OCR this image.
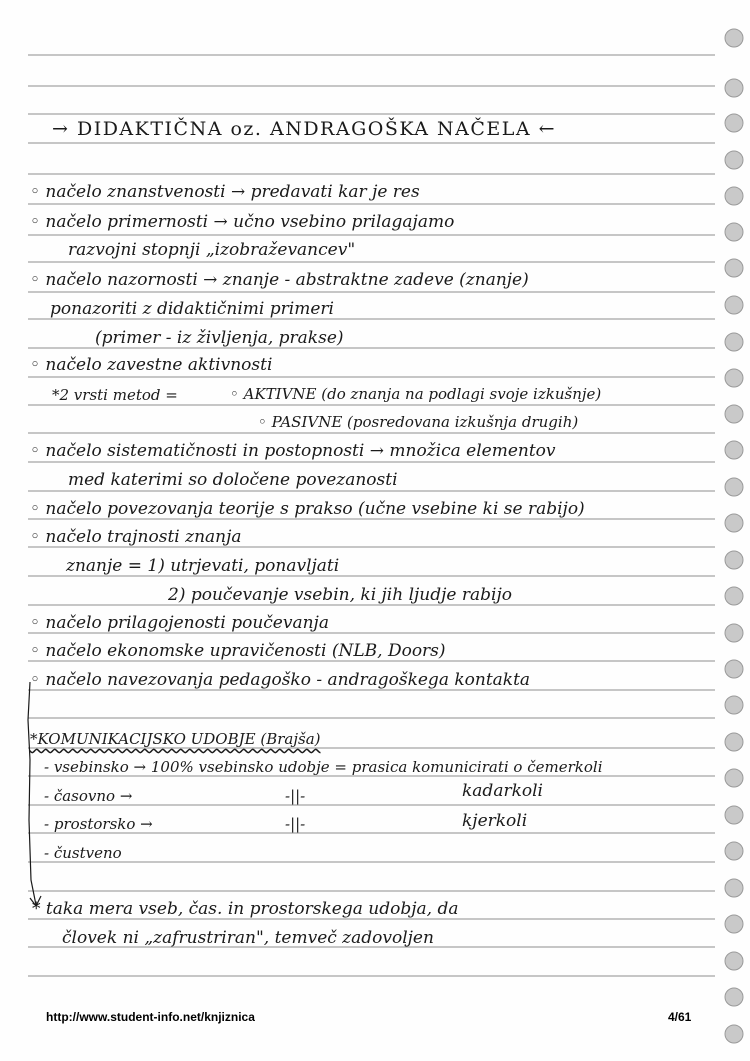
→ DIDAKTIČNA oz. ANDRAGOŠKA NAČELA ←
◦ načelo znanstvenosti → predavati kar je res
◦ načelo primernosti → učno vsebino prilagajamo
razvojni stopnji „izobraževancev"
◦ načelo nazornosti → znanje - abstraktne zadeve (znanje)
ponazoriti z didaktičnimi primeri
(primer - iz življenja, prakse)
◦ načelo zavestne aktivnosti
*2 vrsti metod =	◦ AKTIVNE (do znanja na podlagi svoje izkušnje)
◦ PASIVNE (posredovana izkušnja drugih)
◦ načelo sistematičnosti in postopnosti → množica elementov
med katerimi so določene povezanosti
◦ načelo povezovanja teorije s prakso (učne vsebine ki se rabijo)
◦ načelo trajnosti znanja
znanje = 1) utrjevati, ponavljati
2) poučevanje vsebin, ki jih ljudje rabijo
◦ načelo prilagojenosti poučevanja
◦ načelo ekonomske upravičenosti (NLB, Doors)
◦ načelo navezovanja pedagoško - andragoškega kontakta
*KOMUNIKACIJSKO UDOBJE (Brajša)
- vsebinsko → 100% vsebinsko udobje = prasica komunicirati o čemerkoli
- časovno →	-||-	kadarkoli
- prostorsko →	-||-	kjerkoli
- čustveno
* taka mera vseb, čas. in prostorskega udobja, da
človek ni „zafrustriran", temveč zadovoljen
http://www.student-info.net/knjiznica	4/61
